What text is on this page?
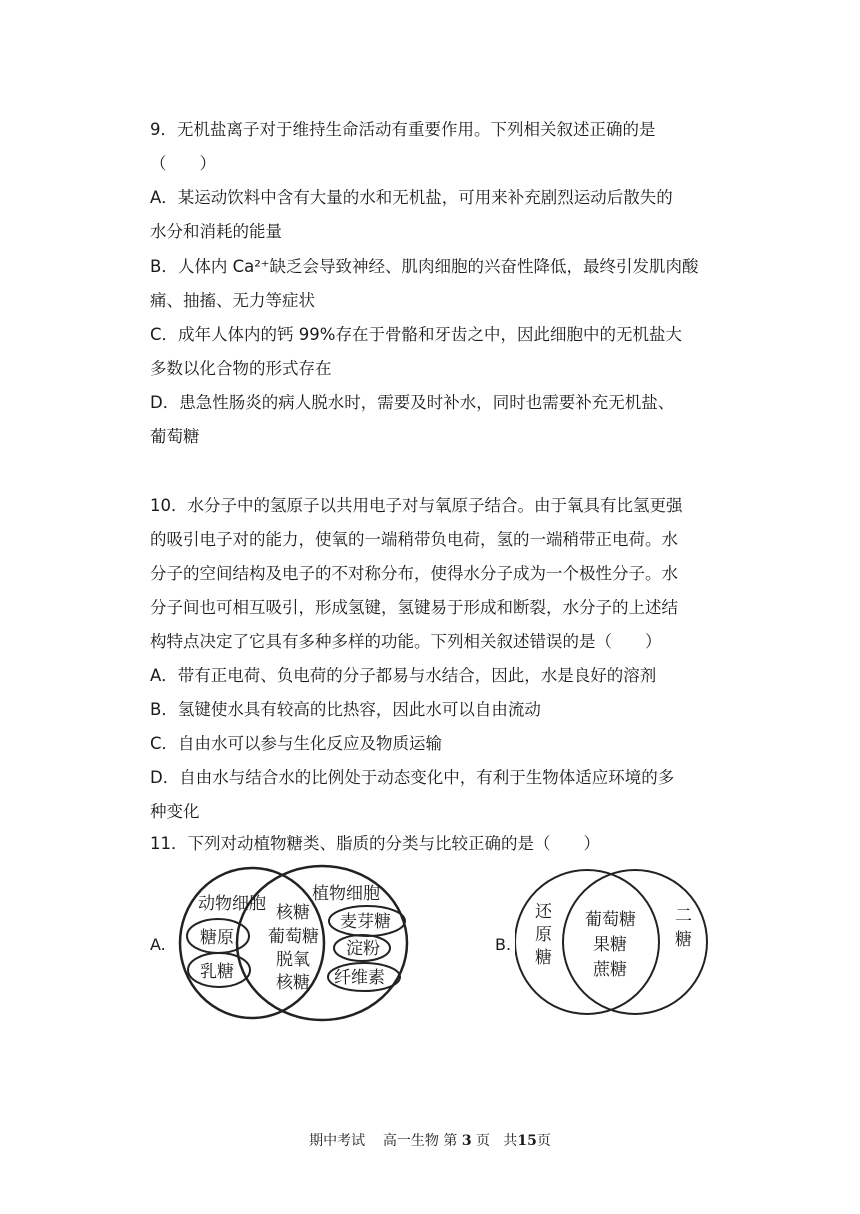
9．无机盐离子对于维持生命活动有重要作用。下列相关叙述正确的是
（　　）
A．某运动饮料中含有大量的水和无机盐，可用来补充剧烈运动后散失的
水分和消耗的能量
B．人体内 Ca²⁺缺乏会导致神经、肌肉细胞的兴奋性降低，最终引发肌肉酸
痛、抽搐、无力等症状
C．成年人体内的钙 99%存在于骨骼和牙齿之中，因此细胞中的无机盐大
多数以化合物的形式存在
D．患急性肠炎的病人脱水时，需要及时补水，同时也需要补充无机盐、
葡萄糖
10．水分子中的氢原子以共用电子对与氧原子结合。由于氧具有比氢更强
的吸引电子对的能力，使氧的一端稍带负电荷，氢的一端稍带正电荷。水
分子的空间结构及电子的不对称分布，使得水分子成为一个极性分子。水
分子间也可相互吸引，形成氢键，氢键易于形成和断裂，水分子的上述结
构特点决定了它具有多种多样的功能。下列相关叙述错误的是（　　）
A．带有正电荷、负电荷的分子都易与水结合，因此，水是良好的溶剂
B．氢键使水具有较高的比热容，因此水可以自由流动
C．自由水可以参与生化反应及物质运输
D．自由水与结合水的比例处于动态变化中，有利于生物体适应环境的多
种变化
11．下列对动植物糖类、脂质的分类与比较正确的是（　　）
A.	B.
动物细胞	植物细胞
糖原
乳糖
核糖
葡萄糖
脱氧
核糖
麦芽糖
淀粉
纤维素
还
原
糖
二
糖
葡萄糖
果糖
蔗糖
期中考试 高一生物 第 3 页 共15页
